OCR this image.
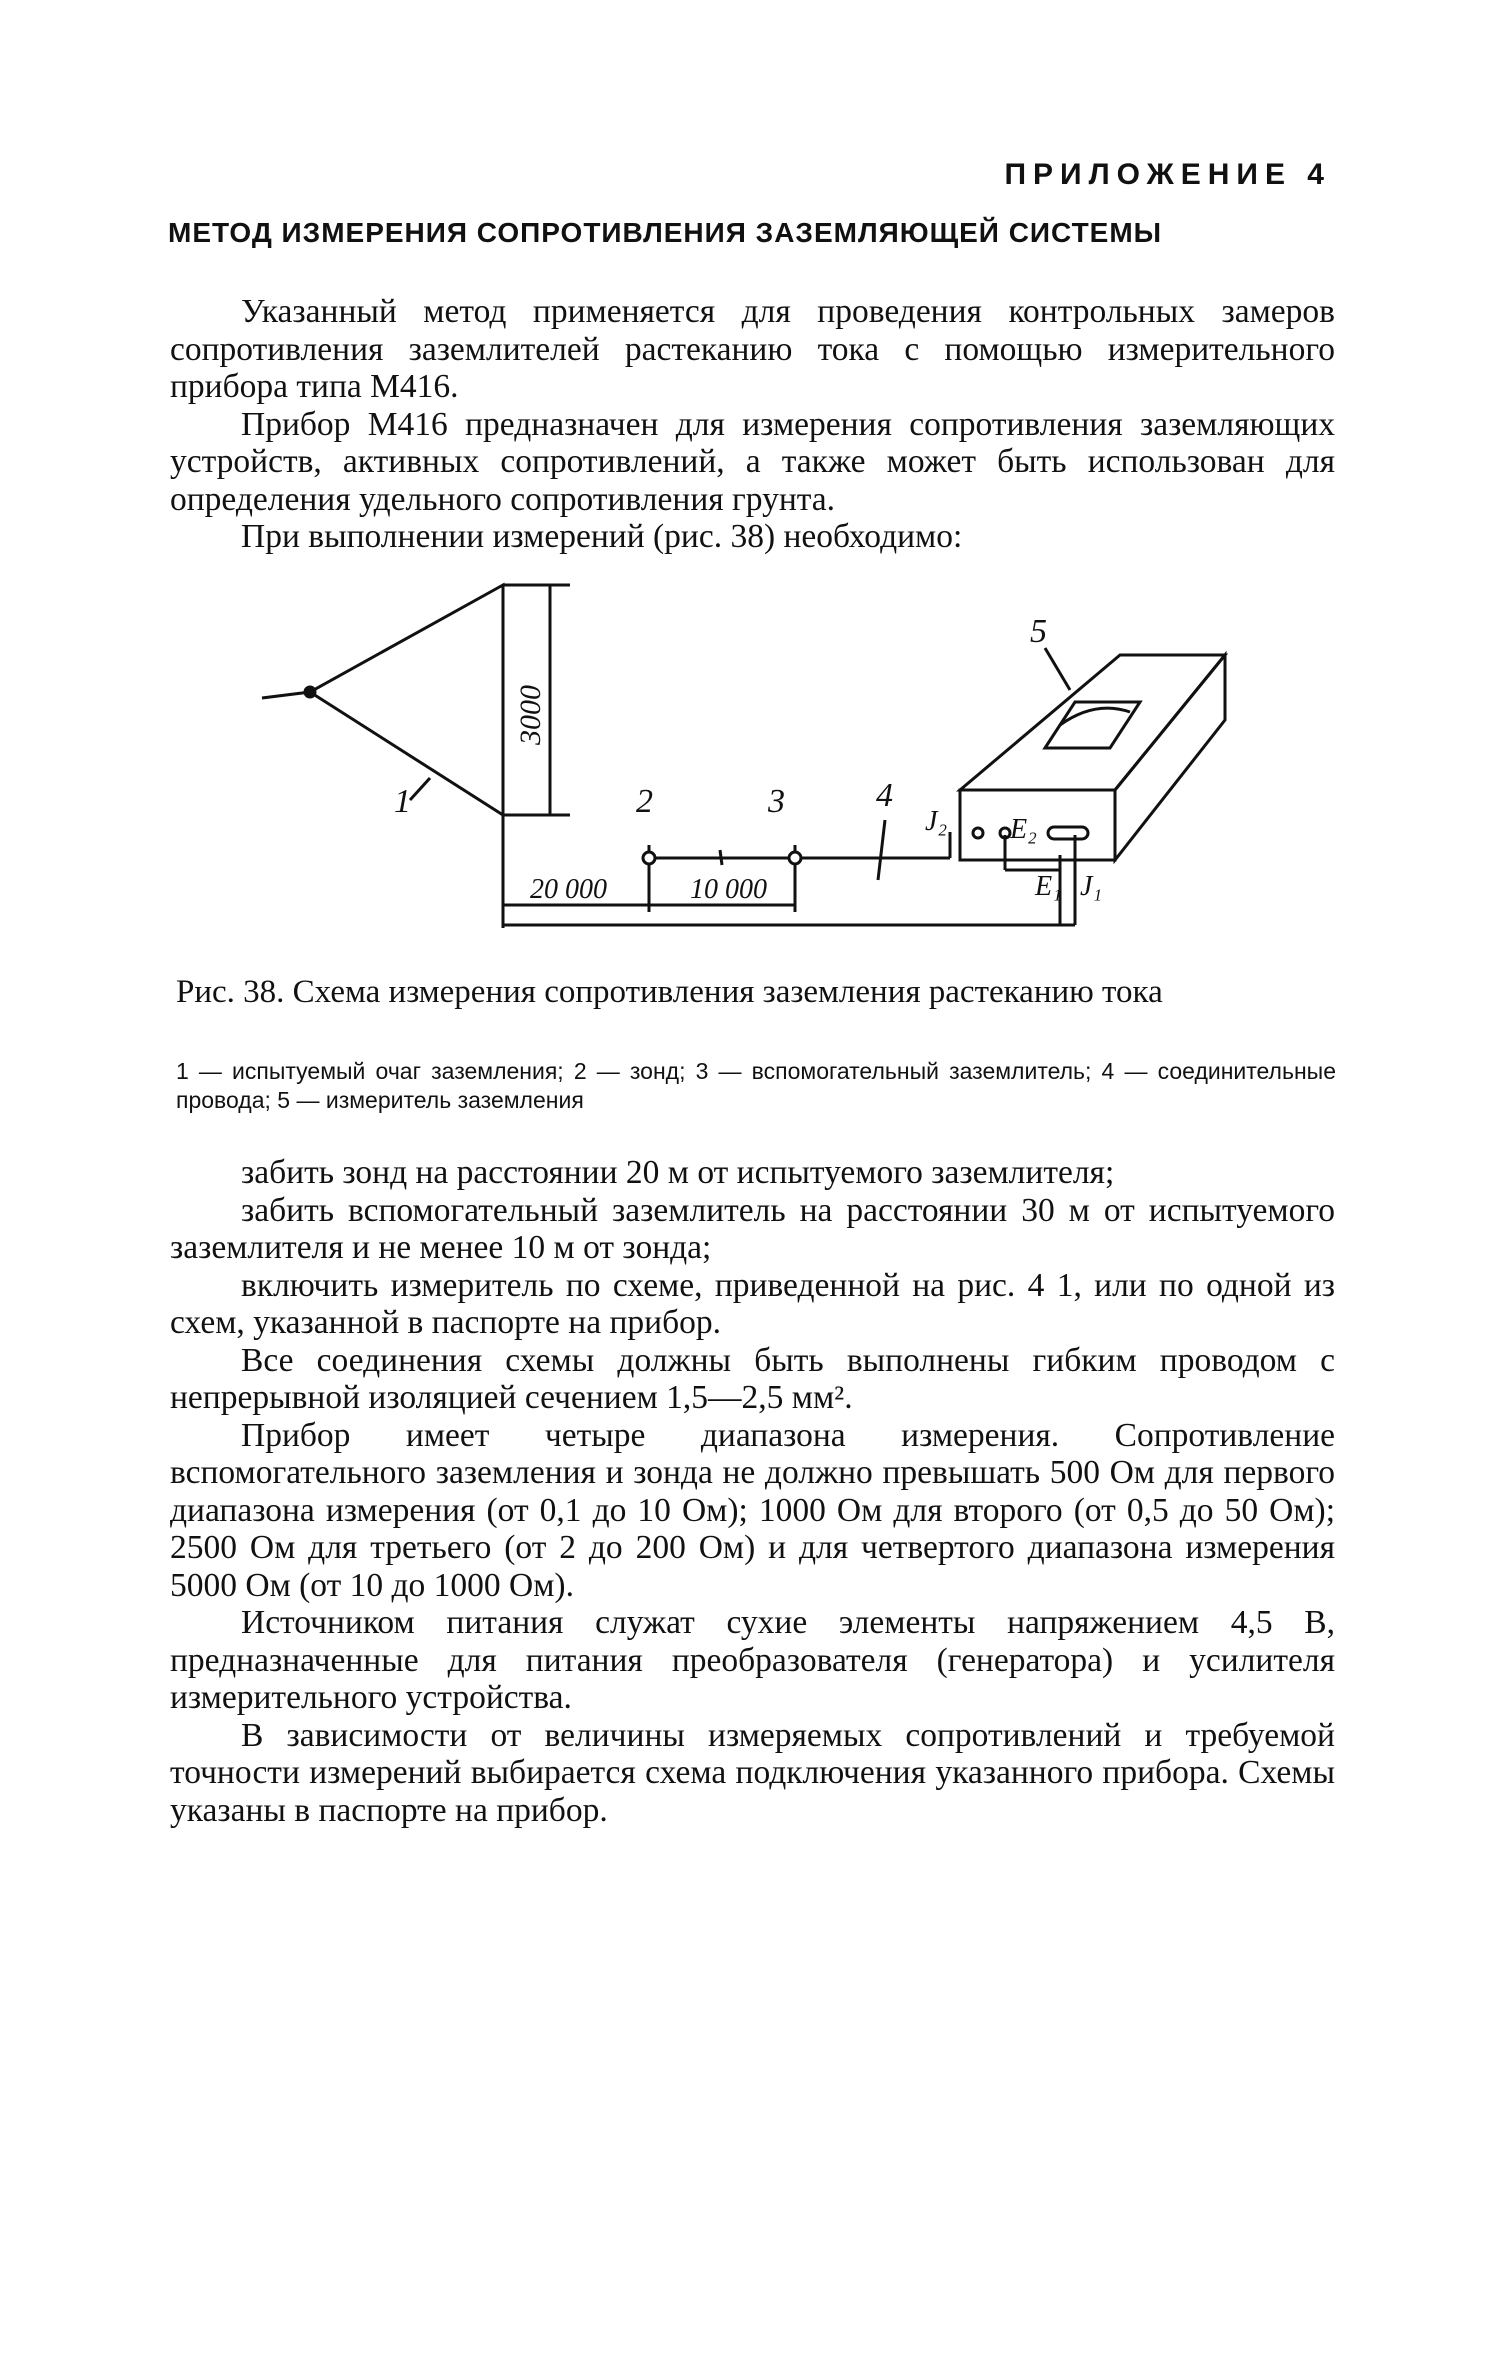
ПРИЛОЖЕНИЕ 4
МЕТОД ИЗМЕРЕНИЯ СОПРОТИВЛЕНИЯ ЗАЗЕМЛЯЮЩЕЙ СИСТЕМЫ

Указанный метод применяется для проведения контрольных замеров сопротивления заземлителей растеканию тока с помощью измерительного прибора типа М416.

Прибор М416 предназначен для измерения сопротивления заземляющих устройств, активных сопротивлений, а также может быть использован для определения удельного сопротивления грунта.

При выполнении измерений (рис. 38) необходимо:

1	2	3	4
5
3000
20 000	10 000
J₂ E₂
E₁ J₁

Рис. 38. Схема измерения сопротивления заземления растеканию тока

1 — испытуемый очаг заземления; 2 — зонд; 3 — вспомогательный заземлитель; 4 — соединительные провода; 5 — измеритель заземления

забить зонд на расстоянии 20 м от испытуемого заземлителя;

забить вспомогательный заземлитель на расстоянии 30 м от испытуемого заземлителя и не менее 10 м от зонда;

включить измеритель по схеме, приведенной на рис. 4 1, или по одной из схем, указанной в паспорте на прибор.

Все соединения схемы должны быть выполнены гибким проводом с непрерывной изоляцией сечением 1,5—2,5 мм².

Прибор имеет четыре диапазона измерения. Сопротивление вспомогательного заземления и зонда не должно превышать 500 Ом для первого диапазона измерения (от 0,1 до 10 Ом); 1000 Ом для второго (от 0,5 до 50 Ом); 2500 Ом для третьего (от 2 до 200 Ом) и для четвертого диапазона измерения 5000 Ом (от 10 до 1000 Ом).

Источником питания служат сухие элементы напряжением 4,5 В, предназначенные для питания преобразователя (генератора) и усилителя измерительного устройства.

В зависимости от величины измеряемых сопротивлений и требуемой точности измерений выбирается схема подключения указанного прибора. Схемы указаны в паспорте на прибор.
